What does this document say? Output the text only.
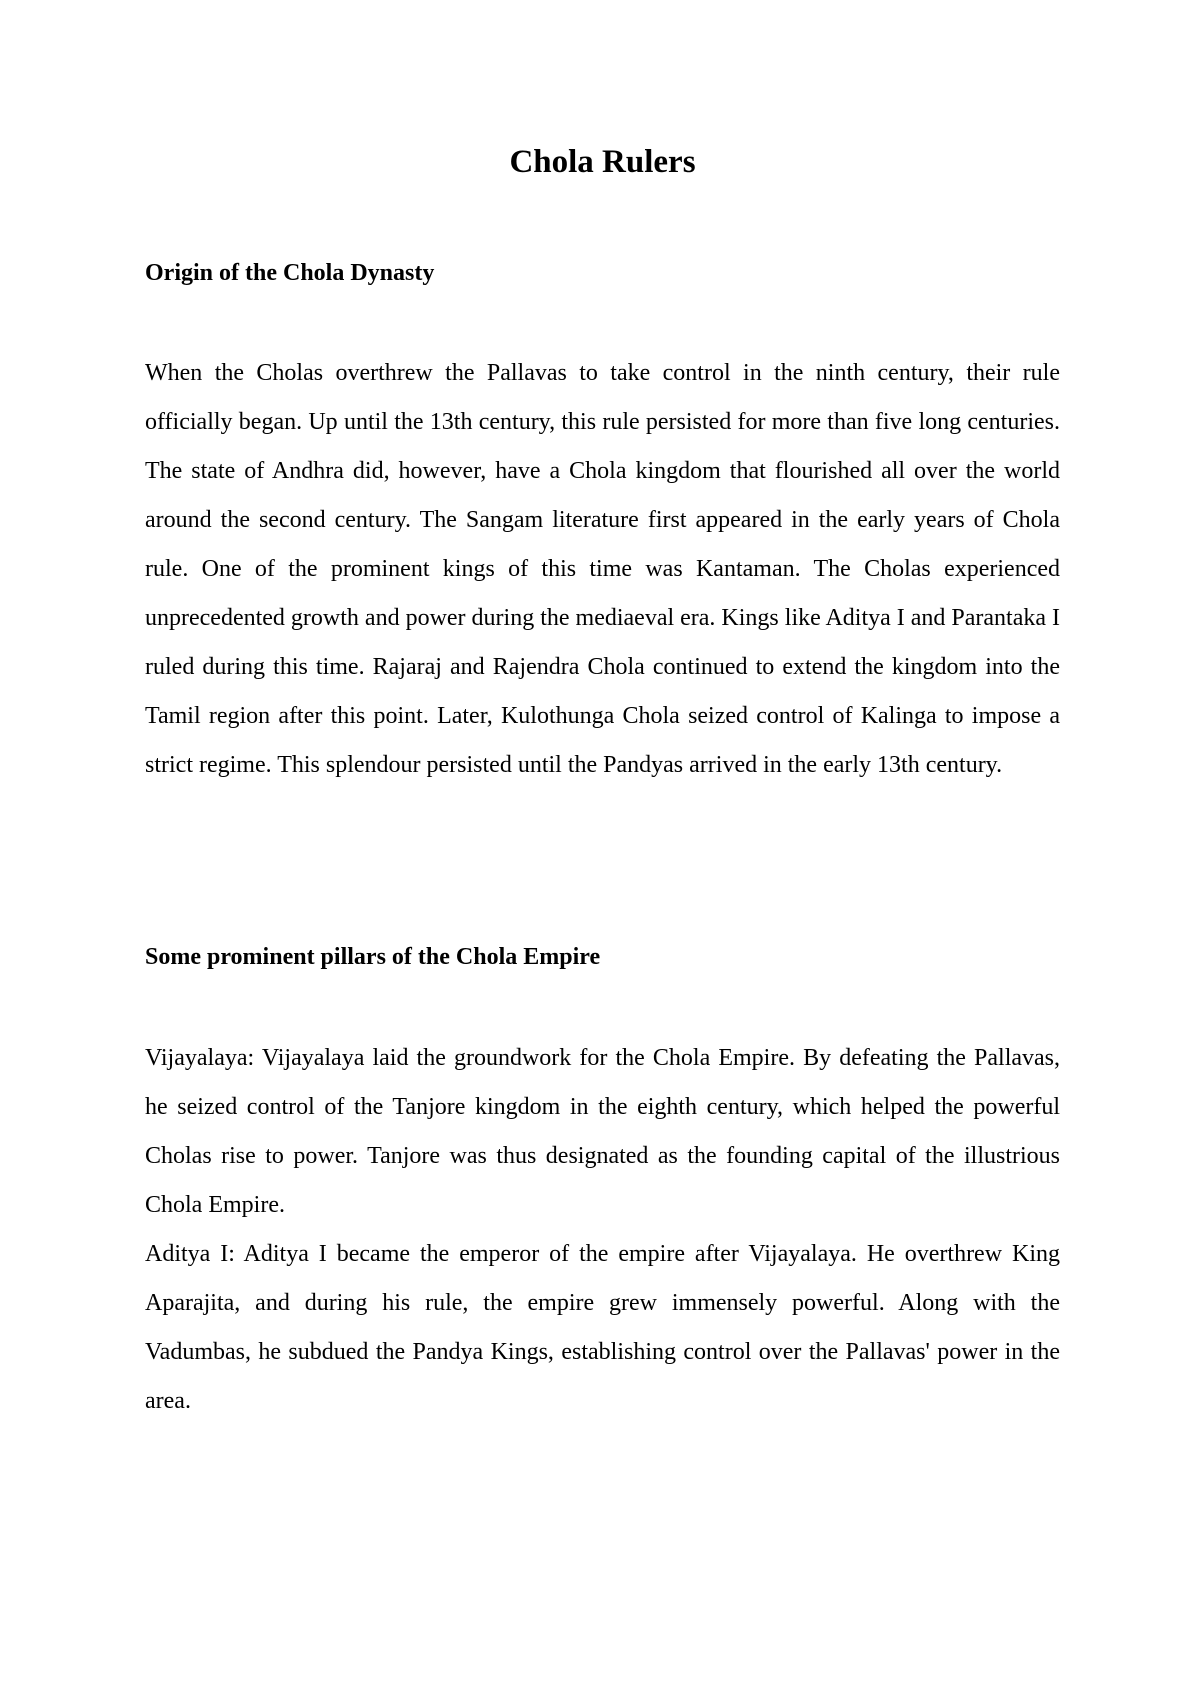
Chola Rulers
Origin of the Chola Dynasty

When the Cholas overthrew the Pallavas to take control in the ninth century, their rule officially began. Up until the 13th century, this rule persisted for more than five long centuries. The state of Andhra did, however, have a Chola kingdom that flourished all over the world around the second century. The Sangam literature first appeared in the early years of Chola rule. One of the prominent kings of this time was Kantaman. The Cholas experienced unprecedented growth and power during the mediaeval era. Kings like Aditya I and Parantaka I ruled during this time. Rajaraj and Rajendra Chola continued to extend the kingdom into the Tamil region after this point. Later, Kulothunga Chola seized control of Kalinga to impose a strict regime. This splendour persisted until the Pandyas arrived in the early 13th century.

Some prominent pillars of the Chola Empire

Vijayalaya: Vijayalaya laid the groundwork for the Chola Empire. By defeating the Pallavas, he seized control of the Tanjore kingdom in the eighth century, which helped the powerful Cholas rise to power. Tanjore was thus designated as the founding capital of the illustrious Chola Empire.

Aditya I: Aditya I became the emperor of the empire after Vijayalaya. He overthrew King Aparajita, and during his rule, the empire grew immensely powerful. Along with the Vadumbas, he subdued the Pandya Kings, establishing control over the Pallavas' power in the area.
